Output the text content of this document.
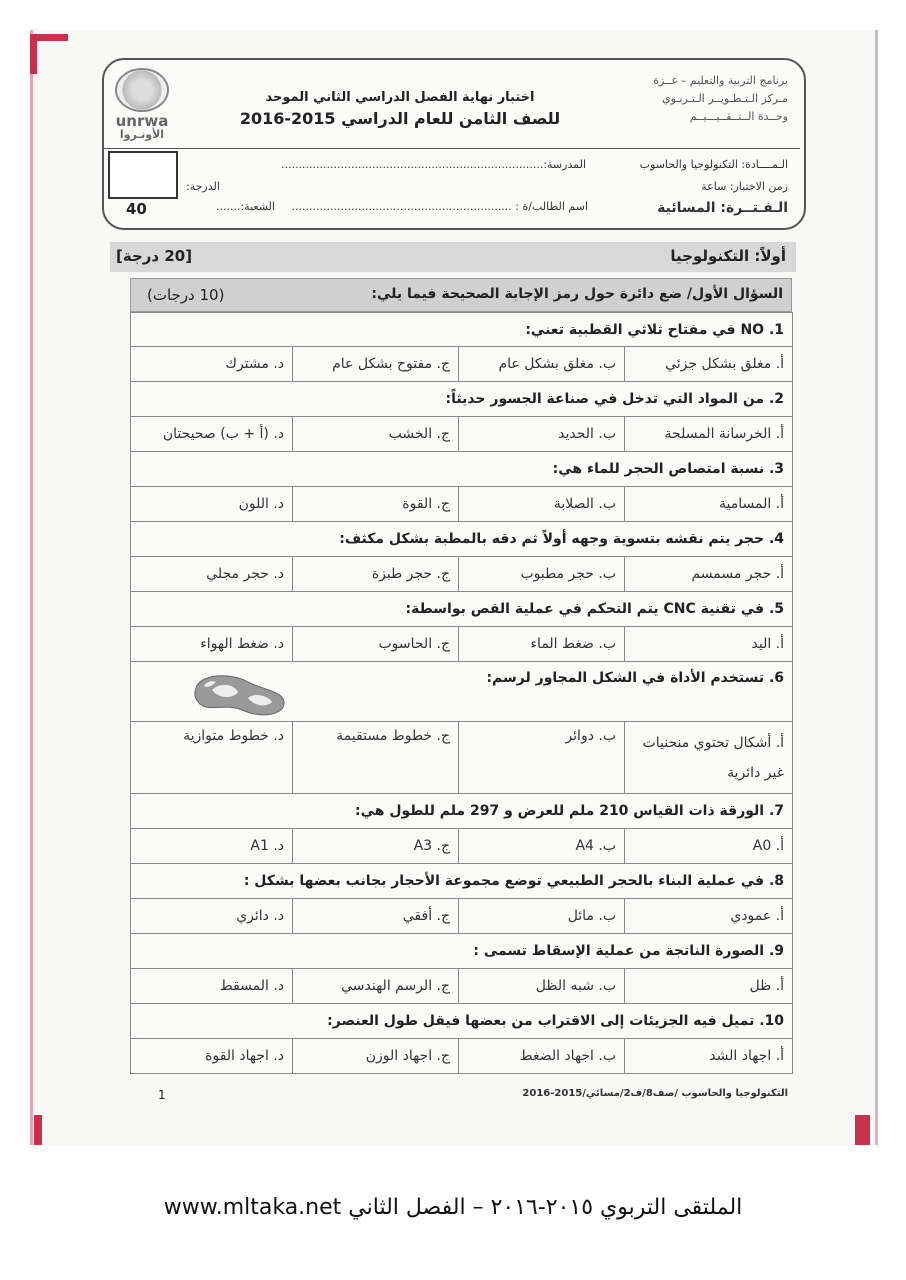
unrwa
الأونـروا
برنامج التربية والتعليم – غــزة
مـركز الـتـطـويــر الـتـربـوي
وحــدة الــتــقــيـــيــم
اختبار نهاية الفصل الدراسي الثاني الموحد
للصف الثامن للعام الدراسي 2015-2016
40
الـمــــادة: التكنولوجيا والحاسوب
المدرسة:...........................................................................
زمن الاختبار: ساعة
الدرجة:
الـفـتــرة: المسائية
اسم الطالب/ة : ...............................................................
الشعبة:.......
أولاً: التكنولوجيا
[20 درجة]
السؤال الأول/ ضع دائرة حول رمز الإجابة الصحيحة فيما يلي:
(10 درجات)
1. NO في مفتاح ثلاثي القطبية تعني:			
أ. مغلق بشكل جزئي	ب. مغلق بشكل عام	ج. مفتوح بشكل عام	د. مشترك
2. من المواد التي تدخل في صناعة الجسور حديثاً:			
أ. الخرسانة المسلحة	ب. الحديد	ج. الخشب	د. (أ + ب) صحيحتان
3. نسبة امتصاص الحجر للماء هي:			
أ. المسامية	ب. الصلابة	ج. القوة	د. اللون
4. حجر يتم نقشه بتسوية وجهه أولاً ثم دقه بالمطبة بشكل مكثف:			
أ. حجر مسمسم	ب. حجر مطبوب	ج. حجر طبزة	د. حجر مجلي
5. في تقنية CNC يتم التحكم في عملية القص بواسطة:			
أ. اليد	ب. ضغط الماء	ج. الحاسوب	د. ضغط الهواء
6. تستخدم الأداة في الشكل المجاور لرسم:			
أ. أشكال تحتوي منحنيات غير دائرية	ب. دوائر	ج. خطوط مستقيمة	د. خطوط متوازية
7. الورقة ذات القياس 210 ملم للعرض و 297 ملم للطول هي:			
أ. A0	ب. A4	ج. A3	د. A1
8. في عملية البناء بالحجر الطبيعي توضع مجموعة الأحجار بجانب بعضها بشكل :			
أ. عمودي	ب. مائل	ج. أفقي	د. دائري
9. الصورة الناتجة من عملية الإسقاط تسمى :			
أ. ظل	ب. شبه الظل	ج. الرسم الهندسي	د. المسقط
10. تميل فيه الجزيئات إلى الاقتراب من بعضها فيقل طول العنصر:			
أ. اجهاد الشد	ب. اجهاد الضغط	ج. اجهاد الوزن	د. اجهاد القوة
1	التكنولوجيا والحاسوب /صف8/ف2/مسائي/2015-2016
الملتقى التربوي ٢٠١٥-٢٠١٦ – الفصل الثاني www.mltaka.net
